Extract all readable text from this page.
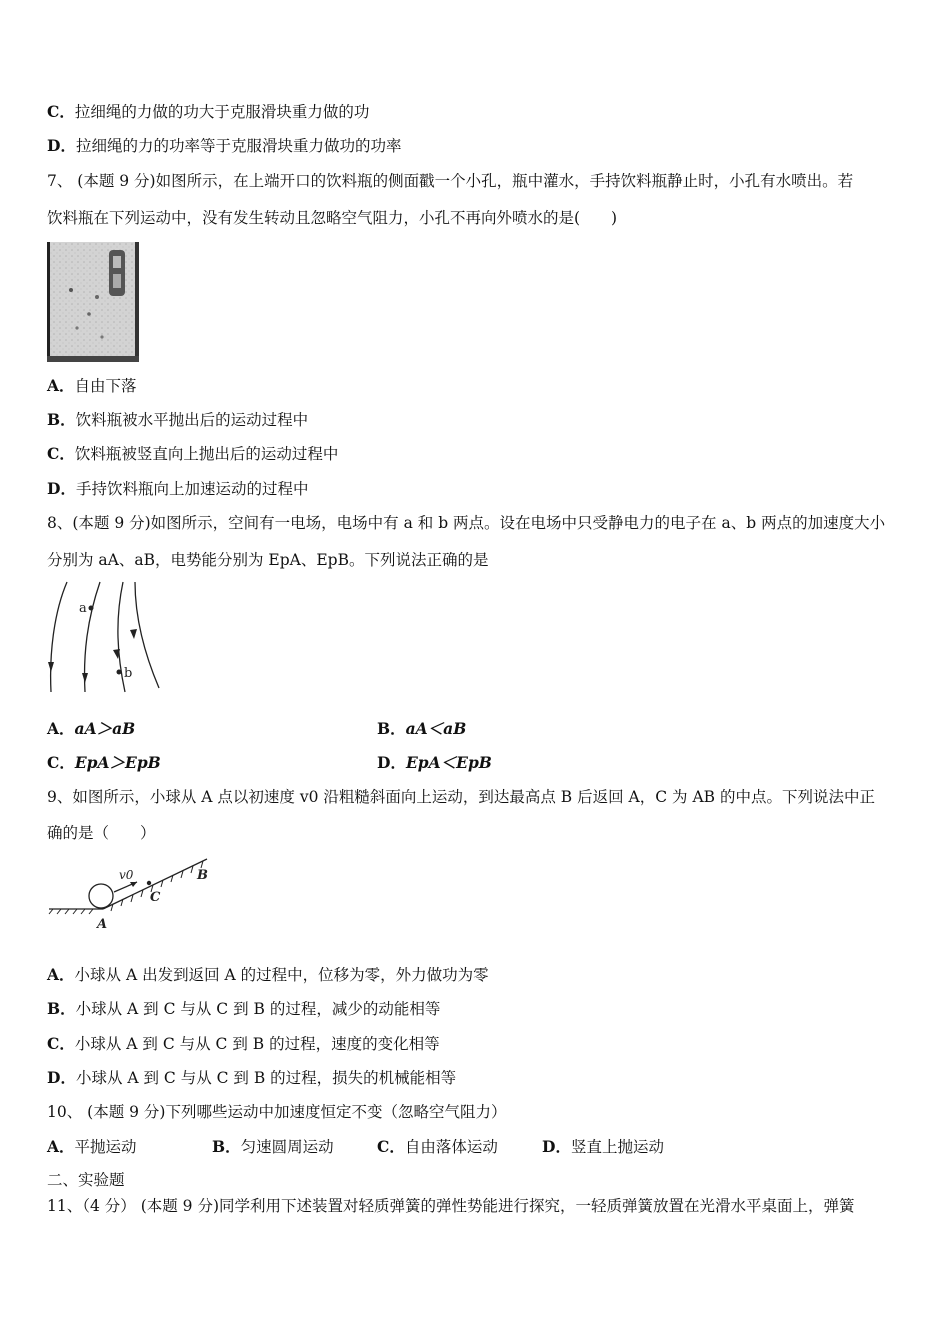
C．拉细绳的力做的功大于克服滑块重力做的功
D．拉细绳的力的功率等于克服滑块重力做功的功率
7、 (本题 9 分)如图所示，在上端开口的饮料瓶的侧面戳一个小孔，瓶中灌水，手持饮料瓶静止时，小孔有水喷出。若
饮料瓶在下列运动中，没有发生转动且忽略空气阻力，小孔不再向外喷水的是(　　)
A．自由下落
B．饮料瓶被水平抛出后的运动过程中
C．饮料瓶被竖直向上抛出后的运动过程中
D．手持饮料瓶向上加速运动的过程中
8、(本题 9 分)如图所示，空间有一电场，电场中有 a 和 b 两点。设在电场中只受静电力的电子在 a、b 两点的加速度大小
分别为 aA、aB，电势能分别为 EpA、EpB。下列说法正确的是
a
b
A．aA＞aB	B．aA＜aB
C．EpA＞EpB	D．EpA＜EpB
9、如图所示，小球从 A 点以初速度 v0 沿粗糙斜面向上运动，到达最高点 B 后返回 A，C 为 AB 的中点。下列说法中正
确的是（　　）
v0
A
C
B
A．小球从 A 出发到返回 A 的过程中，位移为零，外力做功为零
B．小球从 A 到 C 与从 C 到 B 的过程，减少的动能相等
C．小球从 A 到 C 与从 C 到 B 的过程，速度的变化相等
D．小球从 A 到 C 与从 C 到 B 的过程，损失的机械能相等
10、 (本题 9 分)下列哪些运动中加速度恒定不变（忽略空气阻力）
A．平抛运动	B．匀速圆周运动	C．自由落体运动	D．竖直上抛运动
二、实验题
11、（4 分） (本题 9 分)同学利用下述装置对轻质弹簧的弹性势能进行探究，一轻质弹簧放置在光滑水平桌面上，弹簧
